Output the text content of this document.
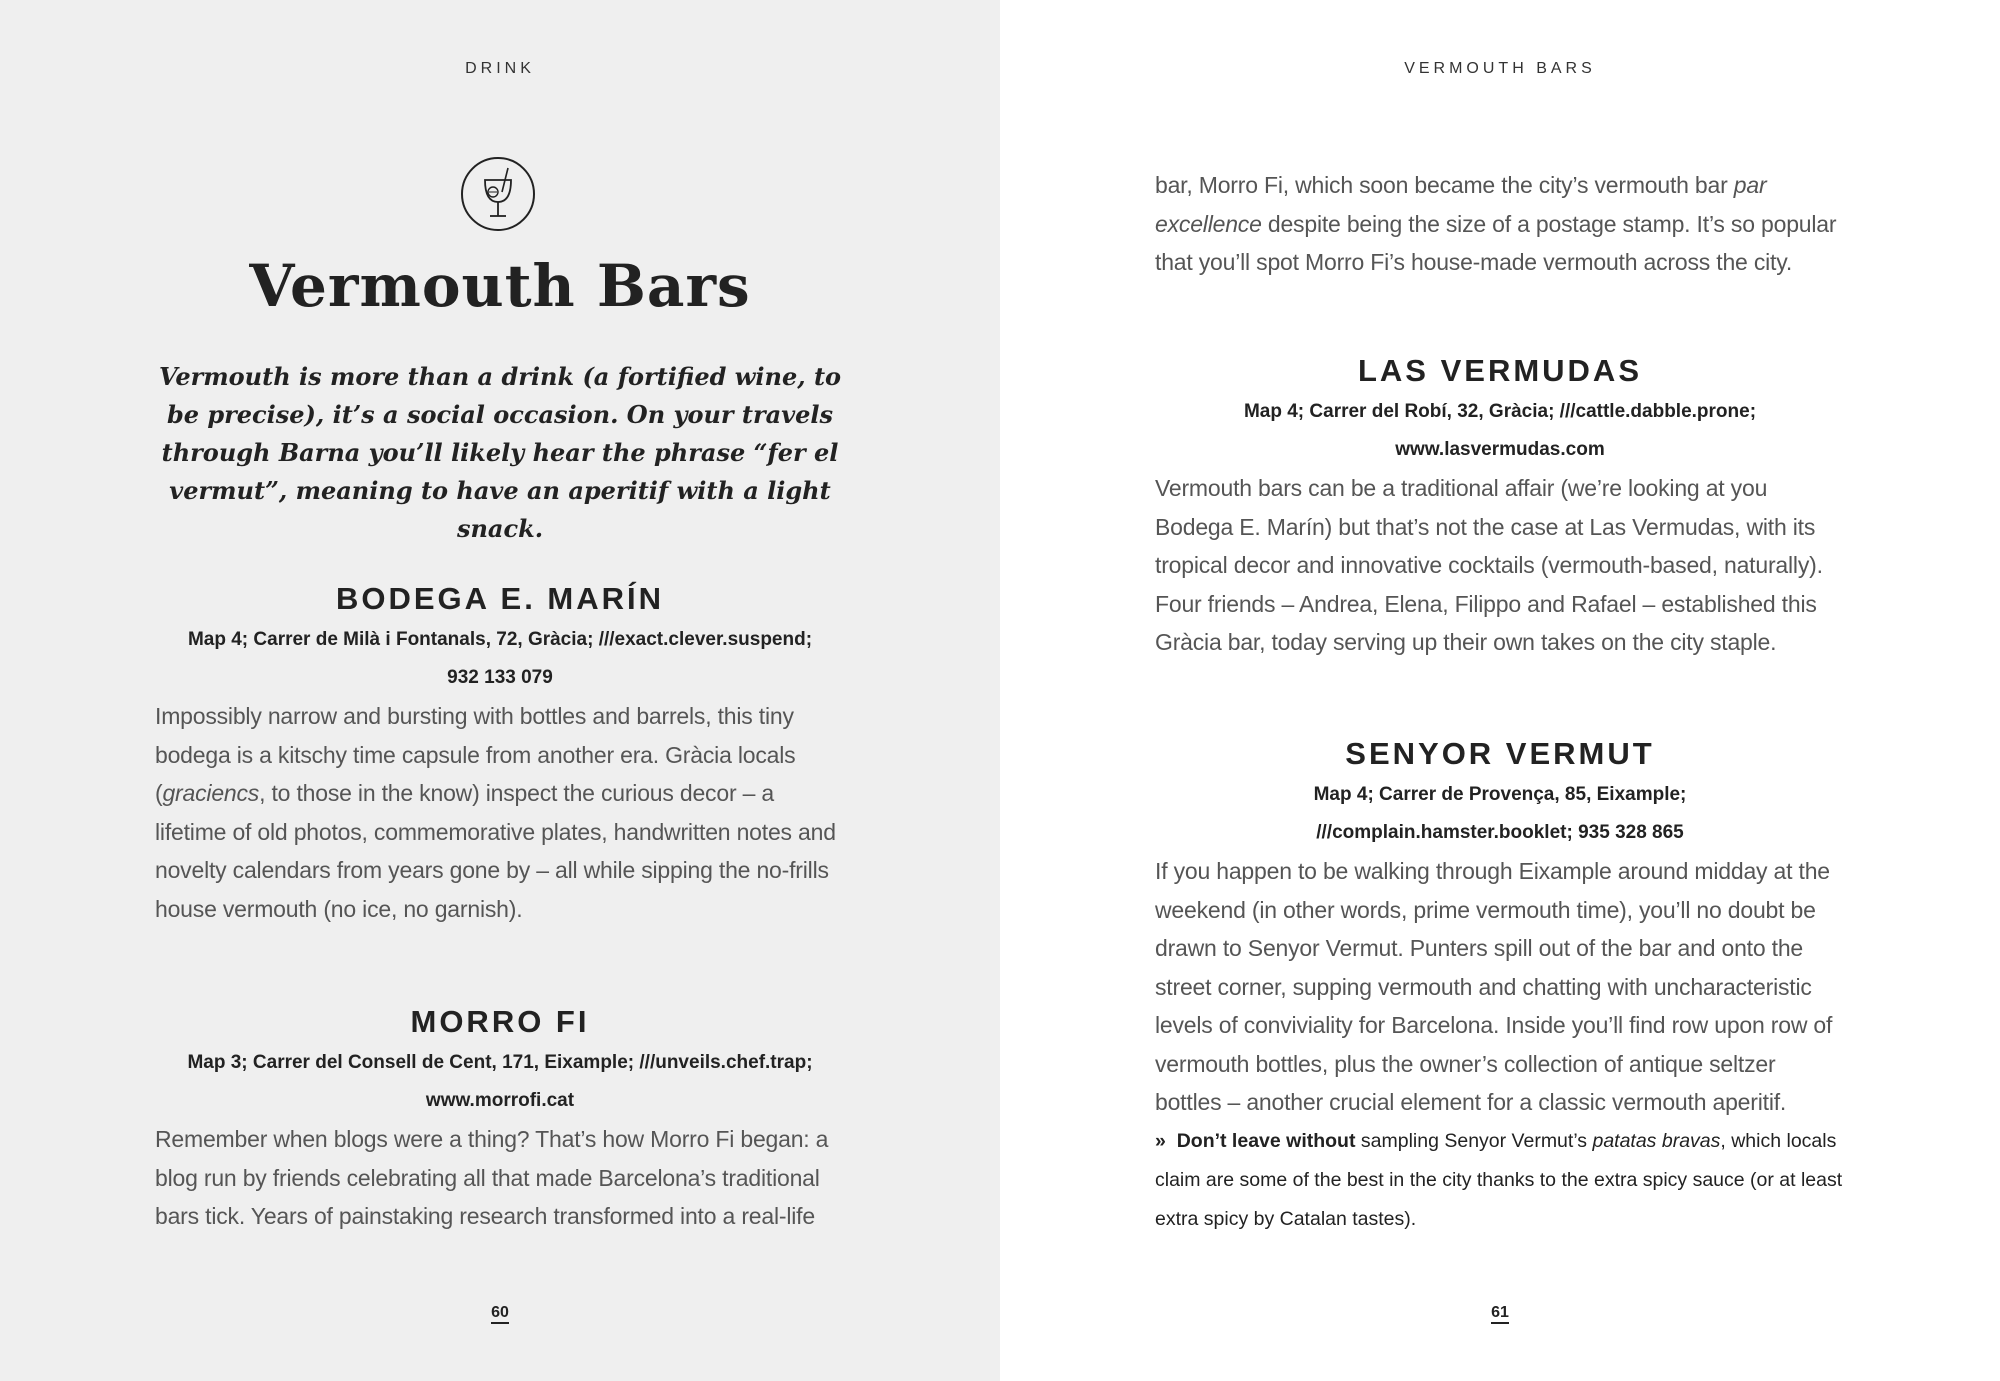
DRINK
Vermouth Bars

Vermouth is more than a drink (a fortified wine, to be precise), it’s a social occasion. On your travels through Barna you’ll likely hear the phrase “fer el vermut”, meaning to have an aperitif with a light snack.

BODEGA E. MARÍN

Map 4; Carrer de Milà i Fontanals, 72, Gràcia; ///exact.clever.suspend;
932 133 079

Impossibly narrow and bursting with bottles and barrels, this tiny bodega is a kitschy time capsule from another era. Gràcia locals (graciencs, to those in the know) inspect the curious decor – a lifetime of old photos, commemorative plates, handwritten notes and novelty calendars from years gone by – all while sipping the no-frills house vermouth (no ice, no garnish).

MORRO FI

Map 3; Carrer del Consell de Cent, 171, Eixample; ///unveils.chef.trap;
www.morrofi.cat

Remember when blogs were a thing? That’s how Morro Fi began: a blog run by friends celebrating all that made Barcelona’s traditional bars tick. Years of painstaking research transformed into a real-life

60
VERMOUTH BARS

bar, Morro Fi, which soon became the city’s vermouth bar par excellence despite being the size of a postage stamp. It’s so popular that you’ll spot Morro Fi’s house-made vermouth across the city.

LAS VERMUDAS

Map 4; Carrer del Robí, 32, Gràcia; ///cattle.dabble.prone;
www.lasvermudas.com

Vermouth bars can be a traditional affair (we’re looking at you Bodega E. Marín) but that’s not the case at Las Vermudas, with its tropical decor and innovative cocktails (vermouth-based, naturally). Four friends – Andrea, Elena, Filippo and Rafael – established this Gràcia bar, today serving up their own takes on the city staple.

SENYOR VERMUT

Map 4; Carrer de Provença, 85, Eixample;
///complain.hamster.booklet; 935 328 865

If you happen to be walking through Eixample around midday at the weekend (in other words, prime vermouth time), you’ll no doubt be drawn to Senyor Vermut. Punters spill out of the bar and onto the street corner, supping vermouth and chatting with uncharacteristic levels of conviviality for Barcelona. Inside you’ll find row upon row of vermouth bottles, plus the owner’s collection of antique seltzer bottles – another crucial element for a classic vermouth aperitif.

» Don’t leave without sampling Senyor Vermut’s patatas bravas, which locals claim are some of the best in the city thanks to the extra spicy sauce (or at least extra spicy by Catalan tastes).

61
